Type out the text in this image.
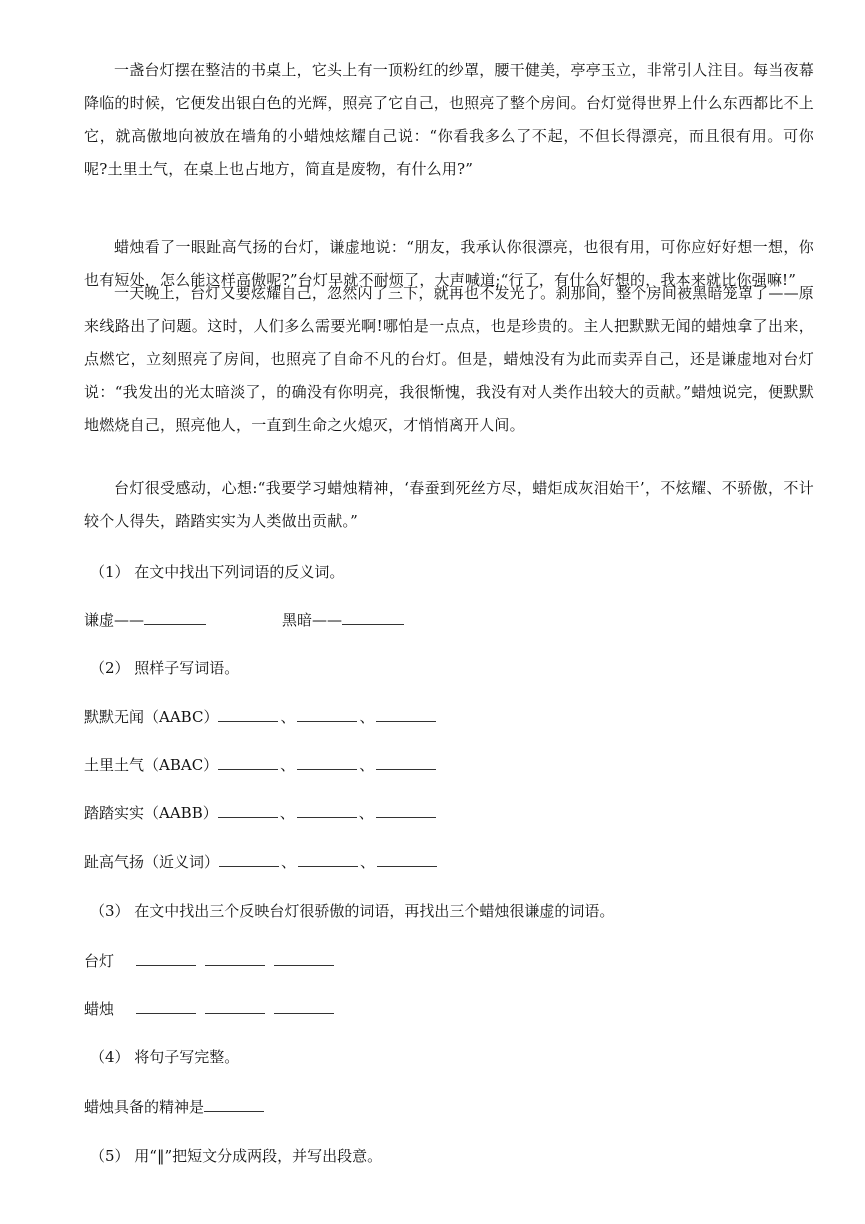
一盏台灯摆在整洁的书桌上，它头上有一顶粉红的纱罩，腰干健美，亭亭玉立，非常引人注目。每当夜幕降临的时候，它便发出银白色的光辉，照亮了它自己，也照亮了整个房间。台灯觉得世界上什么东西都比不上它，就高傲地向被放在墙角的小蜡烛炫耀自己说：“你看我多么了不起，不但长得漂亮，而且很有用。可你呢?土里土气，在桌上也占地方，简直是废物，有什么用?”

蜡烛看了一眼趾高气扬的台灯，谦虚地说：“朋友，我承认你很漂亮，也很有用，可你应好好想一想，你也有短处，怎么能这样高傲呢?”台灯早就不耐烦了，大声喊道;“行了，有什么好想的，我本来就比你强嘛!”

一天晚上，台灯又要炫耀自己，忽然闪了三下，就再也不发光了。刹那间，整个房间被黑暗笼罩了——原来线路出了问题。这时，人们多么需要光啊!哪怕是一点点，也是珍贵的。主人把默默无闻的蜡烛拿了出来，点燃它，立刻照亮了房间，也照亮了自命不凡的台灯。但是，蜡烛没有为此而卖弄自己，还是谦虚地对台灯说：“我发出的光太暗淡了，的确没有你明亮，我很惭愧，我没有对人类作出较大的贡献。”蜡烛说完，便默默地燃烧自己，照亮他人，一直到生命之火熄灭，才悄悄离开人间。

台灯很受感动，心想:“我要学习蜡烛精神，‘春蚕到死丝方尽，蜡炬成灰泪始干’，不炫耀、不骄傲，不计较个人得失，踏踏实实为人类做出贡献。”

（1） 在文中找出下列词语的反义词。

谦虚——	黑暗——

（2） 照样子写词语。

默默无闻（AABC）	、	、

土里土气（ABAC）	、	、

踏踏实实（AABB）	、	、

趾高气扬（近义词）	、	、

（3） 在文中找出三个反映台灯很骄傲的词语，再找出三个蜡烛很谦虚的词语。

台灯

蜡烛

（4） 将句子写完整。

蜡烛具备的精神是

（5） 用“‖”把短文分成两段，并写出段意。
